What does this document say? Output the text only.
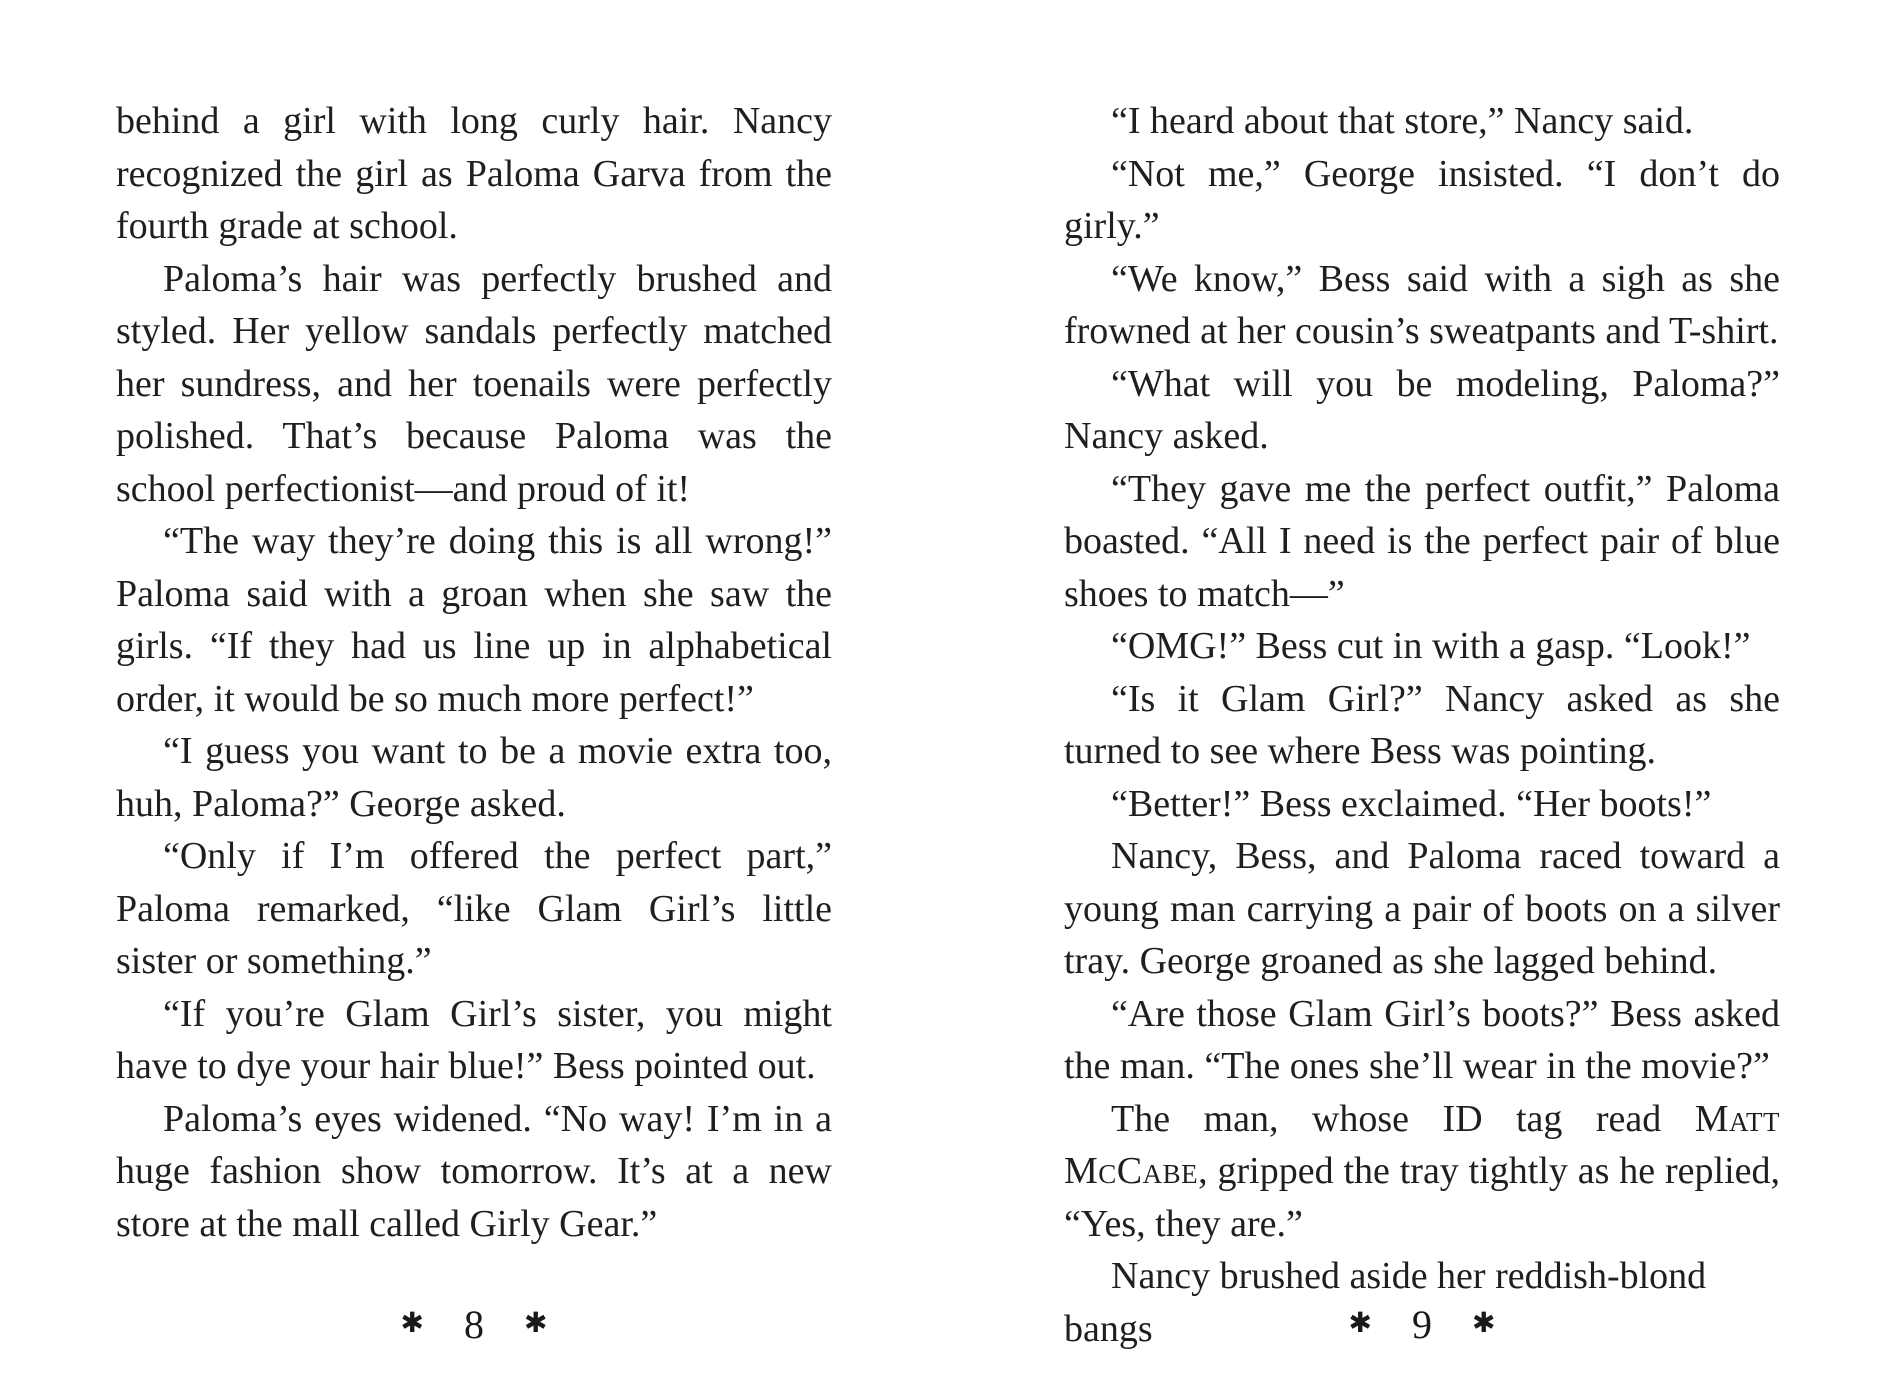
behind a girl with long curly hair. Nancy recognized the girl as Paloma Garva from the fourth grade at school.

Paloma’s hair was perfectly brushed and styled. Her yellow sandals perfectly matched her sundress, and her toenails were perfectly polished. That’s because Paloma was the school perfectionist—and proud of it!

“The way they’re doing this is all wrong!” Paloma said with a groan when she saw the girls. “If they had us line up in alphabetical order, it would be so much more perfect!”

“I guess you want to be a movie extra too, huh, Paloma?” George asked.

“Only if I’m offered the perfect part,” Paloma remarked, “like Glam Girl’s little sister or something.”

“If you’re Glam Girl’s sister, you might have to dye your hair blue!” Bess pointed out.

Paloma’s eyes widened. “No way! I’m in a huge fashion show tomorrow. It’s at a new store at the mall called Girly Gear.”

✱ 8 ✱

“I heard about that store,” Nancy said.

“Not me,” George insisted. “I don’t do girly.”

“We know,” Bess said with a sigh as she frowned at her cousin’s sweatpants and T-shirt.

“What will you be modeling, Paloma?” Nancy asked.

“They gave me the perfect outfit,” Paloma boasted. “All I need is the perfect pair of blue shoes to match—”

“OMG!” Bess cut in with a gasp. “Look!”

“Is it Glam Girl?” Nancy asked as she turned to see where Bess was pointing.

“Better!” Bess exclaimed. “Her boots!”

Nancy, Bess, and Paloma raced toward a young man carrying a pair of boots on a silver tray. George groaned as she lagged behind.

“Are those Glam Girl’s boots?” Bess asked the man. “The ones she’ll wear in the movie?”

The man, whose ID tag read Matt McCabe, gripped the tray tightly as he replied, “Yes, they are.”

Nancy brushed aside her reddish-blond bangs	✱ 9 ✱
